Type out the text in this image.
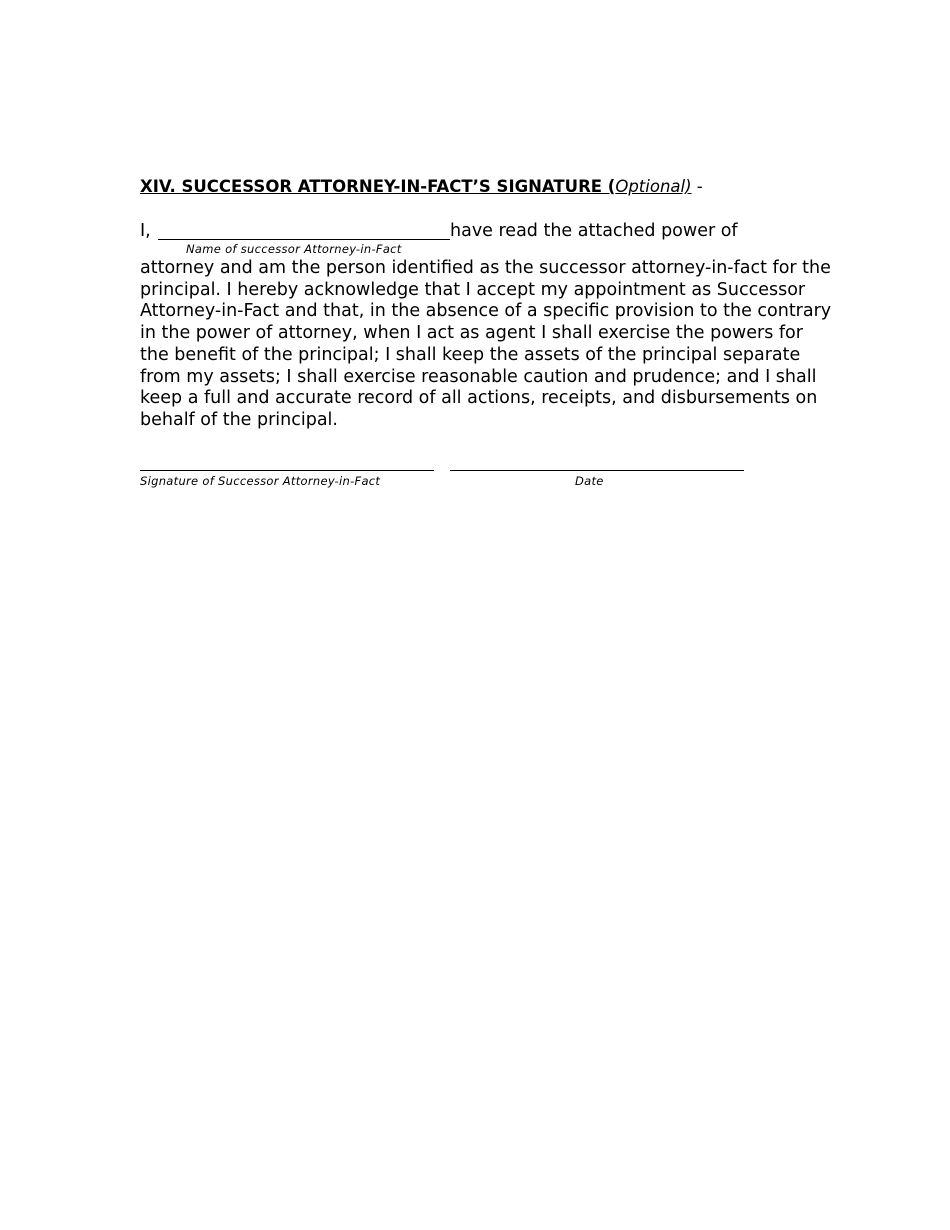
XIV. SUCCESSOR ATTORNEY-IN-FACT’S SIGNATURE (Optional) -
I,	have read the attached power of
Name of successor Attorney-in-Fact

attorney and am the person identified as the successor attorney-in-fact for the

principal. I hereby acknowledge that I accept my appointment as Successor

Attorney-in-Fact and that, in the absence of a specific provision to the contrary

in the power of attorney, when I act as agent I shall exercise the powers for

the benefit of the principal; I shall keep the assets of the principal separate

from my assets; I shall exercise reasonable caution and prudence; and I shall

keep a full and accurate record of all actions, receipts, and disbursements on

behalf of the principal.

Signature of Successor Attorney-in-Fact	Date
